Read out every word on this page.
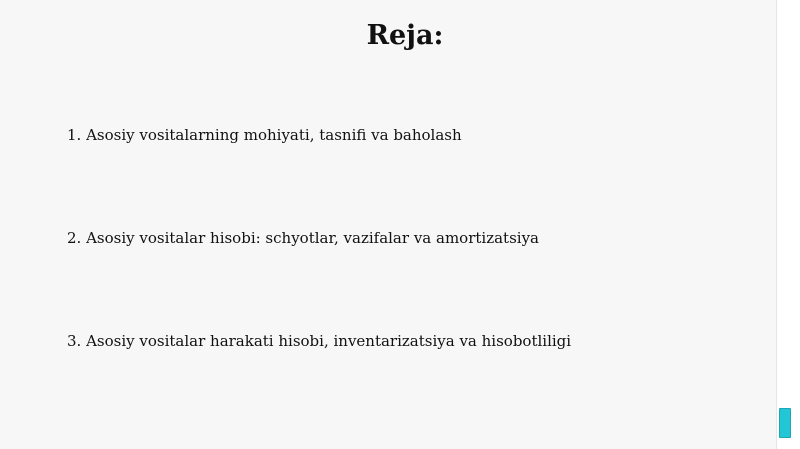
Reja:

1. Asosiy vositalarning mohiyati, tasnifi va baholash

2. Asosiy vositalar hisobi: schyotlar, vazifalar va amortizatsiya

3. Asosiy vositalar harakati hisobi, inventarizatsiya va hisobotliligi
